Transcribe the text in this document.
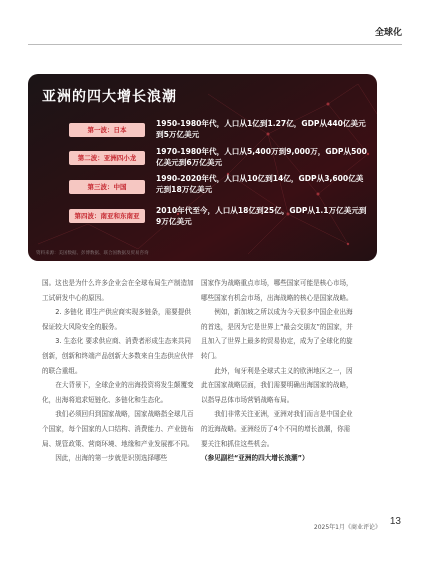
全球化
亚洲的四大增长浪潮
第一波：日本
1950-1980年代，人口从1亿到1.27亿，GDP从440亿美元到5万亿美元
第二波：亚洲四小龙
1970-1980年代，人口从5,400万到9,000万，GDP从500亿美元到6万亿美元
第三波：中国
1990-2020年代，人口从10亿到14亿，GDP从3,600亿美元到18万亿美元
第四波：南亚和东南亚
2010年代至今，人口从18亿到25亿，GDP从1.1万亿美元到9万亿美元
资料来源：美国数据、彭博数据、联合国数据及贸易咨询

国。这也是为什么许多企业会在全球布局生产制造加工试研发中心的原因。

2. 多链化 即生产供应商实现多链条，需要提供保证较大风险安全的服务。

3. 生态化 要求供应商、消费者形成生态来共同创新，创新和终端产品创新大多数来自生态供应伙伴的联合重组。

在大背景下，全球企业的出海投资将发生颠覆变化，出海将追求短链化、多链化和生态化。

我们必须回归到国家战略，国家战略指全球几百个国家，每个国家的人口结构、消费能力、产业链布局、规管政策、营商环境、地缘和产业发展都不同。

因此，出海的第一步就是识别选择哪些

国家作为战略重点市场，哪些国家可能是核心市场，哪些国家有机会市场，出海战略的核心是国家战略。

例如，新加坡之所以成为今天很多中国企业出海的首选，是因为它是世界上“最会交朋友”的国家，并且加入了世界上最多的贸易协定，成为了全球化的旋转门。

此外，匈牙利是全球式主义的欧洲地区之一，因此在国家战略层面，我们需要明确出海国家的战略，以指导总体市场营销战略布局。

我们非常关注亚洲，亚洲对我们而言是中国企业的近海战略。亚洲经历了4个不同的增长浪潮，你需要关注和抓住这些机会。

（参见副栏“亚洲的四大增长浪潮”）

2025年1月《商业评论》
13
